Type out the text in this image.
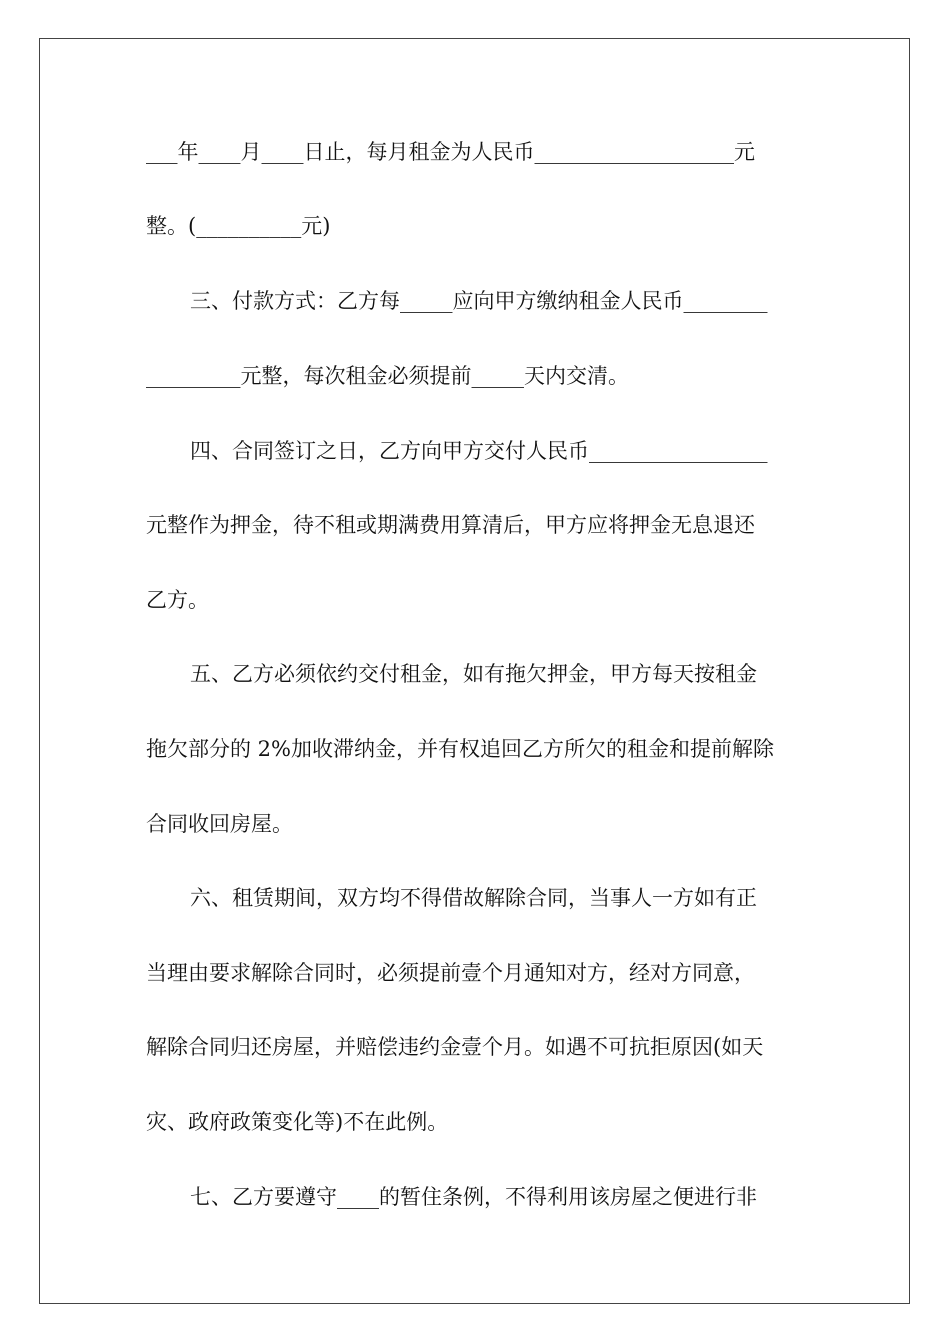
___年____月____日止，每月租金为人民币___________________元
整。(__________元)
三、付款方式：乙方每_____应向甲方缴纳租金人民币________
_________元整，每次租金必须提前_____天内交清。
四、合同签订之日，乙方向甲方交付人民币_________________
元整作为押金，待不租或期满费用算清后，甲方应将押金无息退还
乙方。
五、乙方必须依约交付租金，如有拖欠押金，甲方每天按租金
拖欠部分的 2%加收滞纳金，并有权追回乙方所欠的租金和提前解除
合同收回房屋。
六、租赁期间，双方均不得借故解除合同，当事人一方如有正
当理由要求解除合同时，必须提前壹个月通知对方，经对方同意，
解除合同归还房屋，并赔偿违约金壹个月。如遇不可抗拒原因(如天
灾、政府政策变化等)不在此例。
七、乙方要遵守____的暂住条例，不得利用该房屋之便进行非
